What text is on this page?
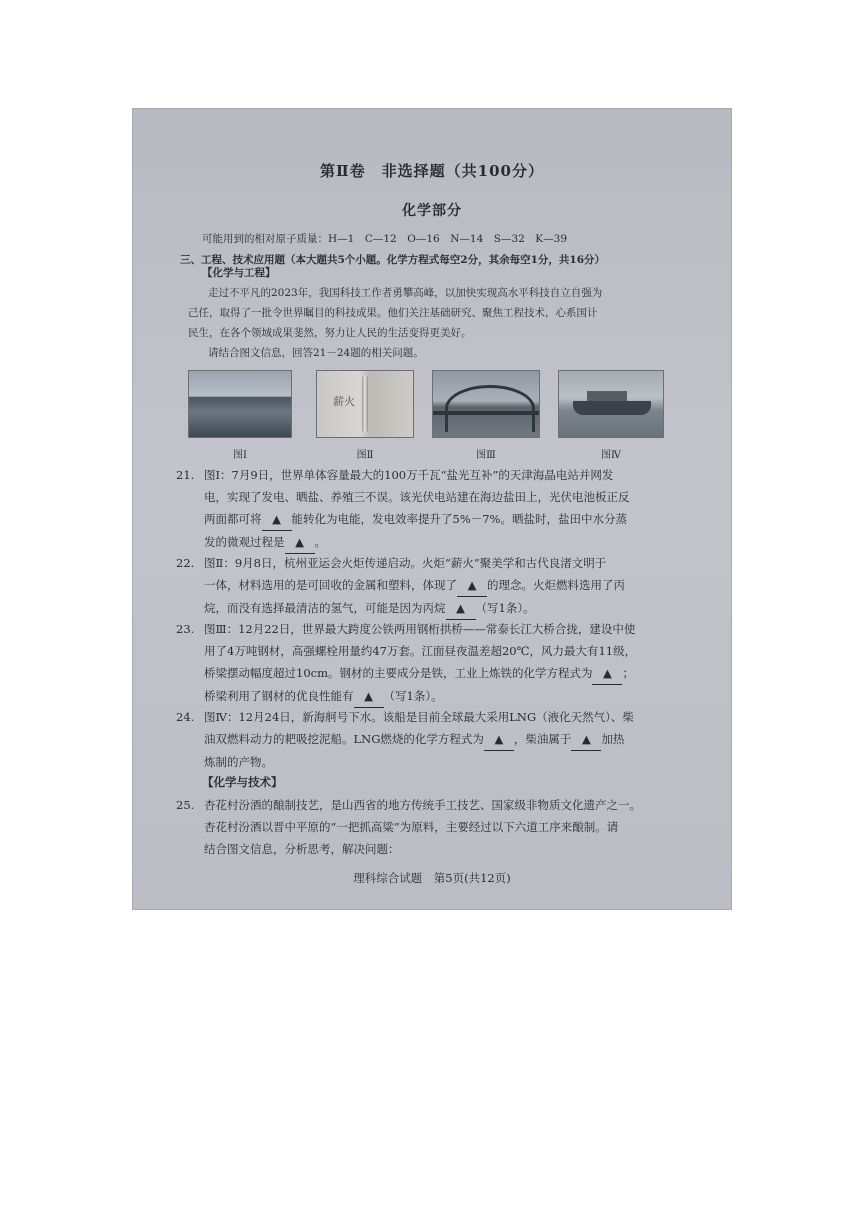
第Ⅱ卷　非选择题（共100分）
化学部分
可能用到的相对原子质量：H—1　C—12　O—16　N—14　S—32　K—39
三、工程、技术应用题（本大题共5个小题。化学方程式每空2分，其余每空1分，共16分）
【化学与工程】
走过不平凡的2023年，我国科技工作者勇攀高峰，以加快实现高水平科技自立自强为
己任，取得了一批令世界瞩目的科技成果。他们关注基础研究、聚焦工程技术，心系国计
民生，在各个领域成果斐然，努力让人民的生活变得更美好。
请结合图文信息，回答21－24题的相关问题。
图Ⅰ
薪火
图Ⅱ	图Ⅲ	图Ⅳ
21. 图Ⅰ：7月9日，世界单体容量最大的100万千瓦“盐光互补”的天津海晶电站并网发
电，实现了发电、晒盐、养殖三不误。该光伏电站建在海边盐田上，光伏电池板正反
两面都可将 ▲ 能转化为电能，发电效率提升了5%－7%。晒盐时，盐田中水分蒸
发的微观过程是 ▲ 。
22. 图Ⅱ：9月8日，杭州亚运会火炬传递启动。火炬“薪火”聚美学和古代良渚文明于
一体，材料选用的是可回收的金属和塑料，体现了 ▲ 的理念。火炬燃料选用了丙
烷，而没有选择最清洁的氢气，可能是因为丙烷 ▲ （写1条）。
23. 图Ⅲ：12月22日，世界最大跨度公铁两用钢桁拱桥——常泰长江大桥合拢，建设中使
用了4万吨钢材，高强螺栓用量约47万套。江面昼夜温差超20℃，风力最大有11级，
桥梁摆动幅度超过10cm。钢材的主要成分是铁，工业上炼铁的化学方程式为 ▲ ；
桥梁利用了钢材的优良性能有 ▲ （写1条）。
24. 图Ⅳ：12月24日，新海舸号下水。该船是目前全球最大采用LNG（液化天然气）、柴
油双燃料动力的耙吸挖泥船。LNG燃烧的化学方程式为 ▲ ，柴油属于 ▲ 加热
炼制的产物。
【化学与技术】
25. 杏花村汾酒的酿制技艺，是山西省的地方传统手工技艺、国家级非物质文化遗产之一。
杏花村汾酒以晋中平原的“一把抓高粱”为原料，主要经过以下六道工序来酿制。请
结合图文信息，分析思考，解决问题：
理科综合试题　第5页(共12页)
